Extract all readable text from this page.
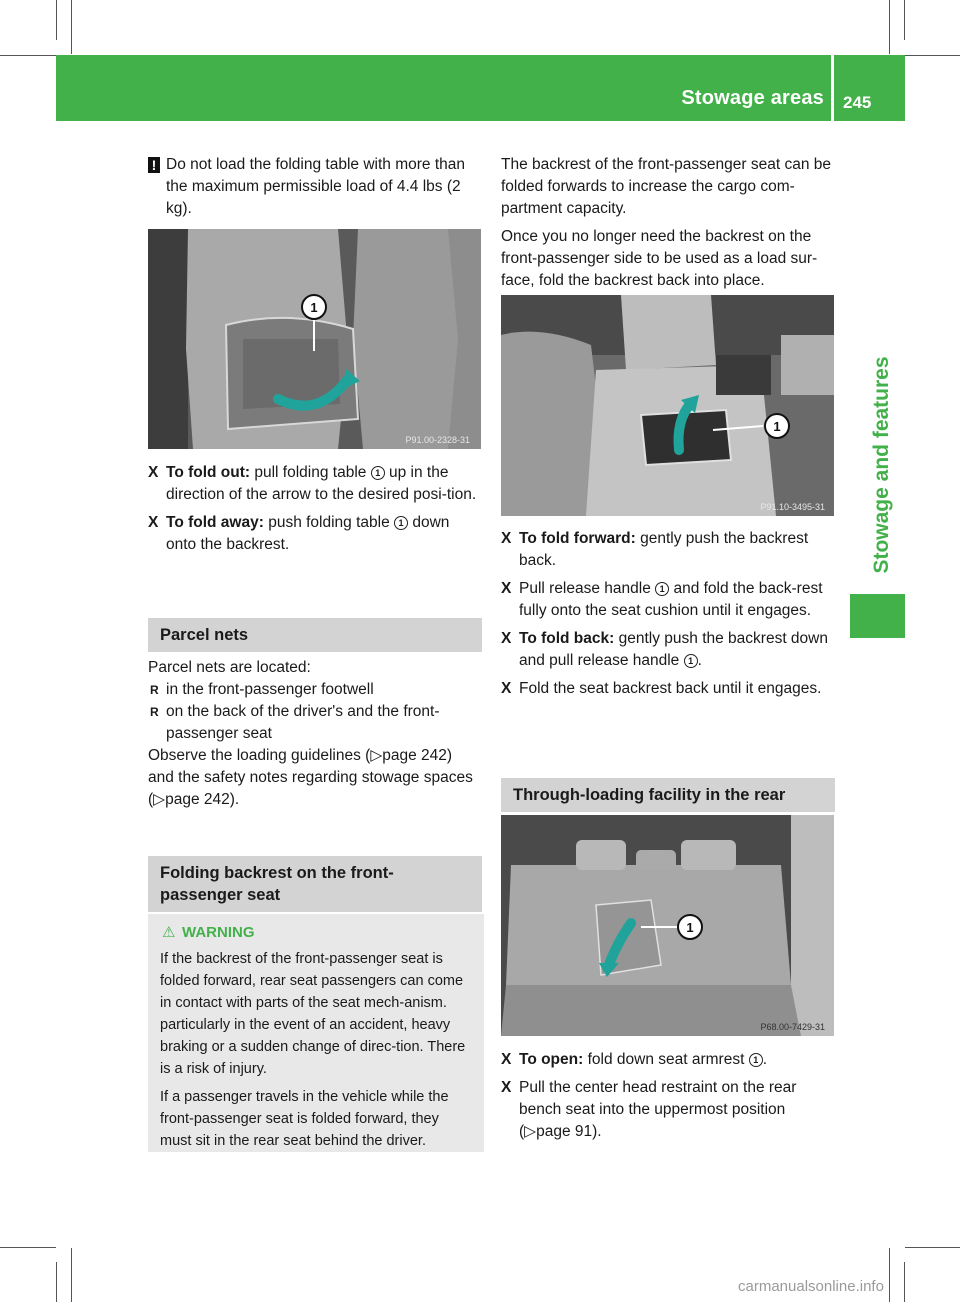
Stowage areas 245
Stowage and features
! Do not load the folding table with more than the maximum permissible load of 4.4 lbs (2 kg).
1
P91.00-2328-31
X To fold out: pull folding table 1 up in the direction of the arrow to the desired posi-tion.
X To fold away: push folding table 1 down onto the backrest.
Parcel nets

Parcel nets are located:

R in the front-passenger footwell
R on the back of the driver's and the front-passenger seat

Observe the loading guidelines (▷page 242) and the safety notes regarding stowage spaces (▷page 242).

Folding backrest on the front-passenger seat
⚠ WARNING

If the backrest of the front-passenger seat is folded forward, rear seat passengers can come in contact with parts of the seat mech-anism. particularly in the event of an accident, heavy braking or a sudden change of direc-tion. There is a risk of injury.

If a passenger travels in the vehicle while the front-passenger seat is folded forward, they must sit in the rear seat behind the driver.

The backrest of the front-passenger seat can be folded forwards to increase the cargo com-partment capacity.

Once you no longer need the backrest on the front-passenger side to be used as a load sur-face, fold the backrest back into place.

1
P91.10-3495-31
X To fold forward: gently push the backrest back.
X Pull release handle 1 and fold the back-rest fully onto the seat cushion until it engages.
X To fold back: gently push the backrest down and pull release handle 1 .
X Fold the seat backrest back until it engages.
Through-loading facility in the rear
1
P68.00-7429-31
X To open: fold down seat armrest 1 .
X Pull the center head restraint on the rear bench seat into the uppermost position (▷page 91).
carmanualsonline.info
